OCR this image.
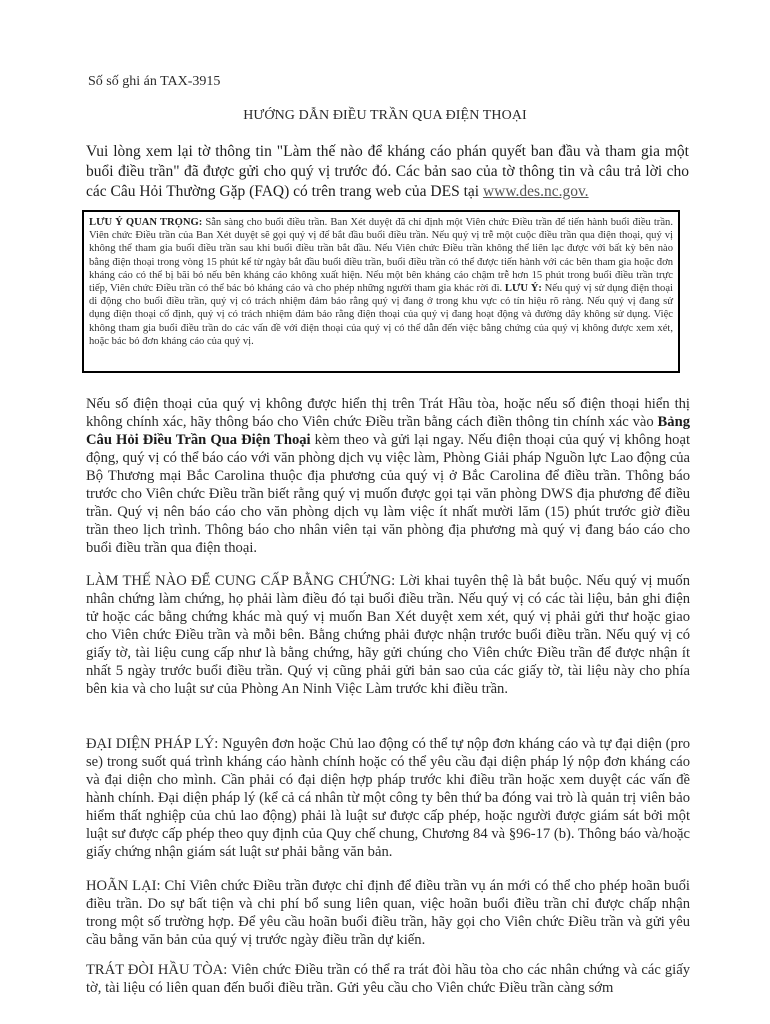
Số số ghi án TAX-3915
HƯỚNG DẪN ĐIỀU TRẦN QUA ĐIỆN THOẠI
Vui lòng xem lại tờ thông tin "Làm thế nào để kháng cáo phán quyết ban đầu và tham gia một buổi điều trần" đã được gửi cho quý vị trước đó. Các bản sao của tờ thông tin và câu trả lời cho các Câu Hỏi Thường Gặp (FAQ) có trên trang web của DES tại www.des.nc.gov.
LƯU Ý QUAN TRỌNG: Sẵn sàng cho buổi điều trần. Ban Xét duyệt đã chỉ định một Viên chức Điều trần để tiến hành buổi điều trần. Viên chức Điều trần của Ban Xét duyệt sẽ gọi quý vị để bắt đầu buổi điều trần. Nếu quý vị trễ một cuộc điều trần qua điện thoại, quý vị không thể tham gia buổi điều trần sau khi buổi điều trần bắt đầu. Nếu Viên chức Điều trần không thể liên lạc được với bất kỳ bên nào bằng điện thoại trong vòng 15 phút kể từ ngày bắt đầu buổi điều trần, buổi điều trần có thể được tiến hành với các bên tham gia hoặc đơn kháng cáo có thể bị bãi bỏ nếu bên kháng cáo không xuất hiện. Nếu một bên kháng cáo chậm trễ hơn 15 phút trong buổi điều trần trực tiếp, Viên chức Điều trần có thể bác bỏ kháng cáo và cho phép những người tham gia khác rời đi. LƯU Ý: Nếu quý vị sử dụng điện thoại di động cho buổi điều trần, quý vị có trách nhiệm đảm bảo rằng quý vị đang ở trong khu vực có tín hiệu rõ ràng. Nếu quý vị đang sử dụng điện thoại cố định, quý vị có trách nhiệm đảm bảo rằng điện thoại của quý vị đang hoạt động và đường dây không sử dụng. Việc không tham gia buổi điều trần do các vấn đề với điện thoại của quý vị có thể dẫn đến việc bằng chứng của quý vị không được xem xét, hoặc bác bỏ đơn kháng cáo của quý vị.
Nếu số điện thoại của quý vị không được hiển thị trên Trát Hầu tòa, hoặc nếu số điện thoại hiển thị không chính xác, hãy thông báo cho Viên chức Điều trần bằng cách điền thông tin chính xác vào Bảng Câu Hỏi Điều Trần Qua Điện Thoại kèm theo và gửi lại ngay. Nếu điện thoại của quý vị không hoạt động, quý vị có thể báo cáo với văn phòng dịch vụ việc làm, Phòng Giải pháp Nguồn lực Lao động của Bộ Thương mại Bắc Carolina thuộc địa phương của quý vị ở Bắc Carolina để điều trần. Thông báo trước cho Viên chức Điều trần biết rằng quý vị muốn được gọi tại văn phòng DWS địa phương để điều trần. Quý vị nên báo cáo cho văn phòng dịch vụ làm việc ít nhất mười lăm (15) phút trước giờ điều trần theo lịch trình. Thông báo cho nhân viên tại văn phòng địa phương mà quý vị đang báo cáo cho buổi điều trần qua điện thoại.
LÀM THẾ NÀO ĐỂ CUNG CẤP BẰNG CHỨNG: Lời khai tuyên thệ là bắt buộc. Nếu quý vị muốn nhân chứng làm chứng, họ phải làm điều đó tại buổi điều trần. Nếu quý vị có các tài liệu, bản ghi điện tử hoặc các bằng chứng khác mà quý vị muốn Ban Xét duyệt xem xét, quý vị phải gửi thư hoặc giao cho Viên chức Điều trần và mỗi bên. Bằng chứng phải được nhận trước buổi điều trần. Nếu quý vị có giấy tờ, tài liệu cung cấp như là bằng chứng, hãy gửi chúng cho Viên chức Điều trần để được nhận ít nhất 5 ngày trước buổi điều trần. Quý vị cũng phải gửi bản sao của các giấy tờ, tài liệu này cho phía bên kia và cho luật sư của Phòng An Ninh Việc Làm trước khi điều trần.
ĐẠI DIỆN PHÁP LÝ: Nguyên đơn hoặc Chủ lao động có thể tự nộp đơn kháng cáo và tự đại diện (pro se) trong suốt quá trình kháng cáo hành chính hoặc có thể yêu cầu đại diện pháp lý nộp đơn kháng cáo và đại diện cho mình. Cần phải có đại diện hợp pháp trước khi điều trần hoặc xem duyệt các vấn đề hành chính. Đại diện pháp lý (kể cả cá nhân từ một công ty bên thứ ba đóng vai trò là quản trị viên bảo hiểm thất nghiệp của chủ lao động) phải là luật sư được cấp phép, hoặc người được giám sát bởi một luật sư được cấp phép theo quy định của Quy chế chung, Chương 84 và §96-17 (b). Thông báo và/hoặc giấy chứng nhận giám sát luật sư phải bằng văn bản.
HOÃN LẠI: Chỉ Viên chức Điều trần được chỉ định để điều trần vụ án mới có thể cho phép hoãn buổi điều trần. Do sự bất tiện và chi phí bổ sung liên quan, việc hoãn buổi điều trần chỉ được chấp nhận trong một số trường hợp. Để yêu cầu hoãn buổi điều trần, hãy gọi cho Viên chức Điều trần và gửi yêu cầu bằng văn bản của quý vị trước ngày điều trần dự kiến.
TRÁT ĐÒI HẦU TÒA: Viên chức Điều trần có thể ra trát đòi hầu tòa cho các nhân chứng và các giấy tờ, tài liệu có liên quan đến buổi điều trần. Gửi yêu cầu cho Viên chức Điều trần càng sớm
